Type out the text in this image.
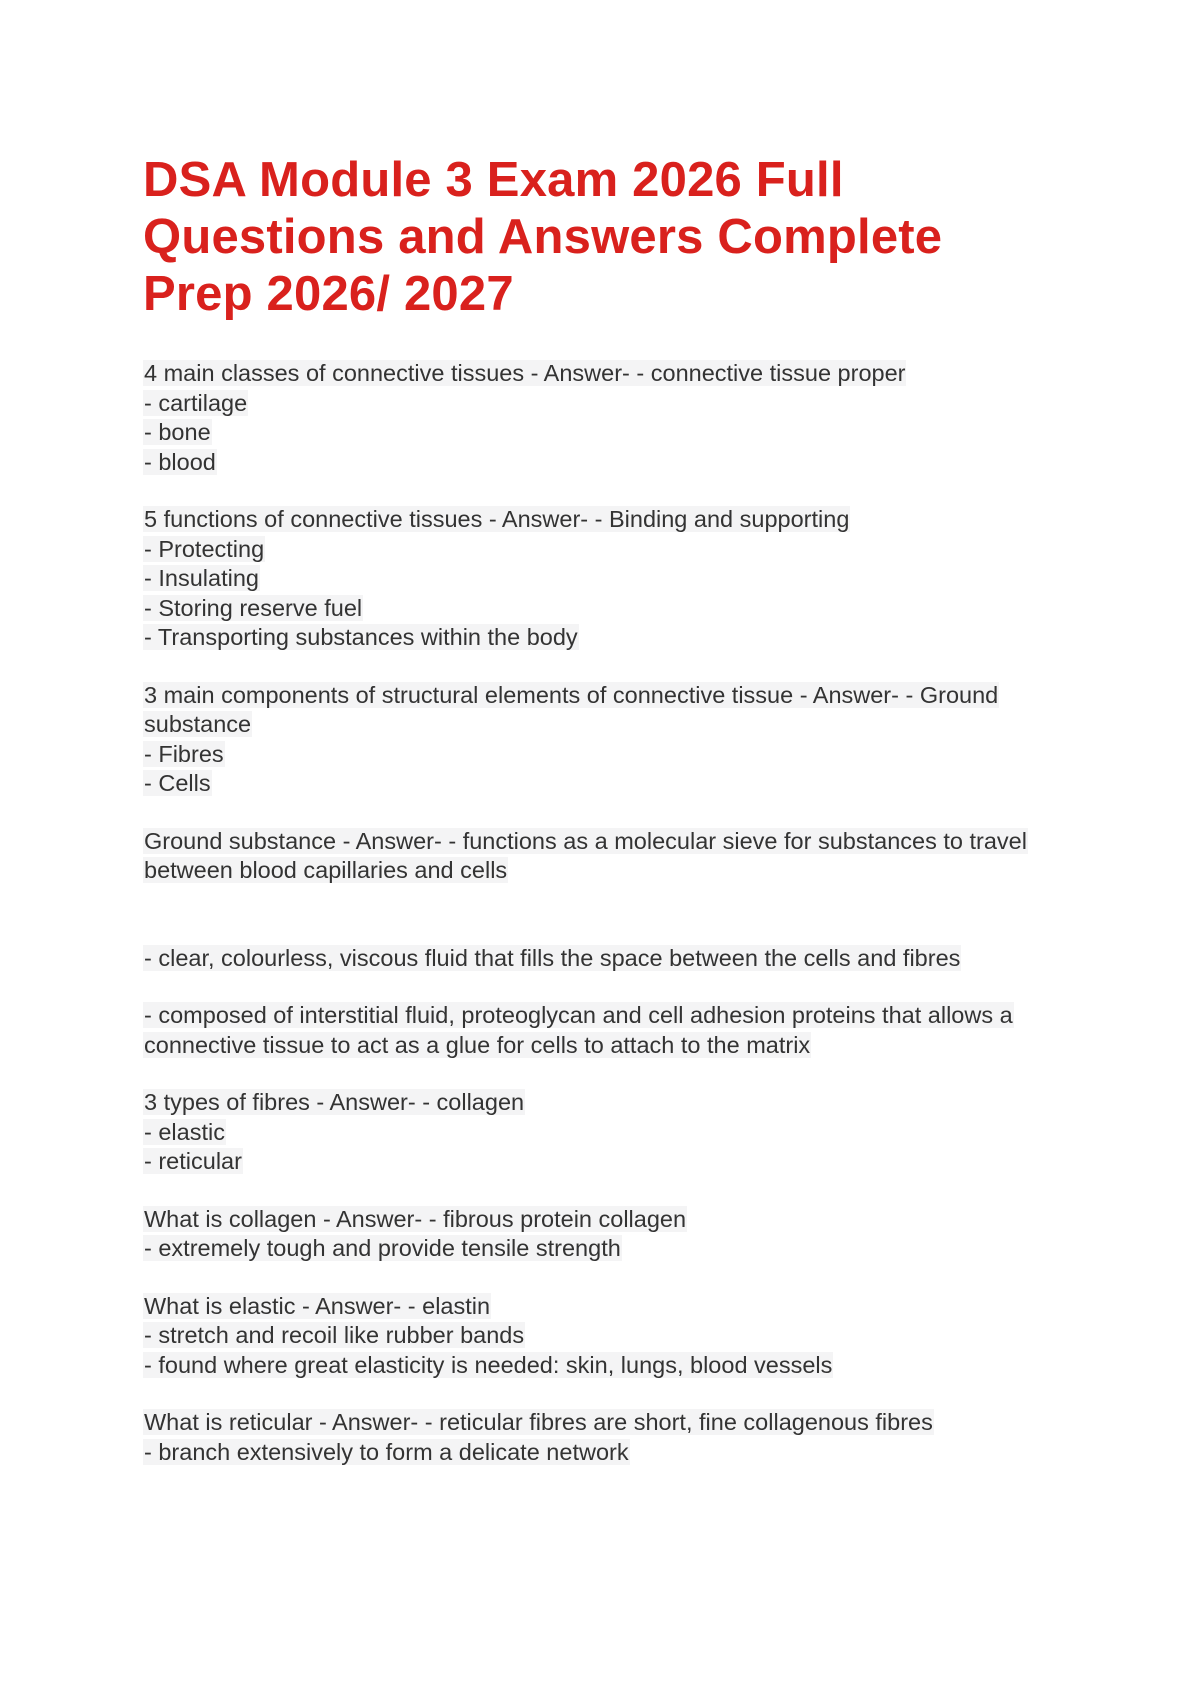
DSA Module 3 Exam 2026 Full
Questions and Answers Complete
Prep 2026/ 2027

4 main classes of connective tissues - Answer- - connective tissue proper
- cartilage
- bone
- blood

5 functions of connective tissues - Answer- - Binding and supporting
- Protecting
- Insulating
- Storing reserve fuel
- Transporting substances within the body

3 main components of structural elements of connective tissue - Answer- - Ground
substance
- Fibres
- Cells

Ground substance - Answer- - functions as a molecular sieve for substances to travel
between blood capillaries and cells

- clear, colourless, viscous fluid that fills the space between the cells and fibres

- composed of interstitial fluid, proteoglycan and cell adhesion proteins that allows a
connective tissue to act as a glue for cells to attach to the matrix

3 types of fibres - Answer- - collagen
- elastic
- reticular

What is collagen - Answer- - fibrous protein collagen
- extremely tough and provide tensile strength

What is elastic - Answer- - elastin
- stretch and recoil like rubber bands
- found where great elasticity is needed: skin, lungs, blood vessels

What is reticular - Answer- - reticular fibres are short, fine collagenous fibres
- branch extensively to form a delicate network
